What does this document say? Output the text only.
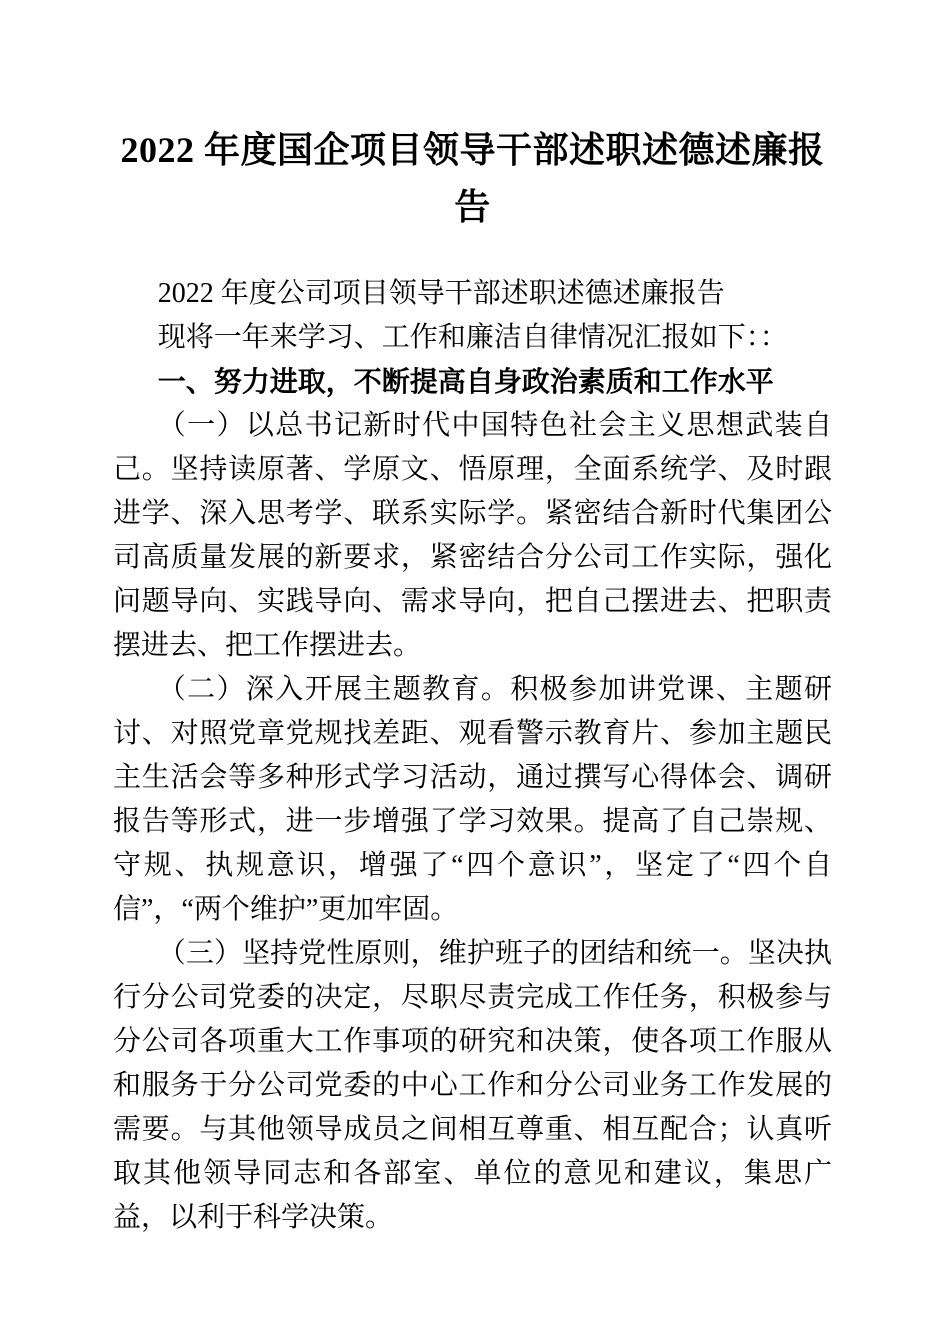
2022 年度国企项目领导干部述职述德述廉报告

2022 年度公司项目领导干部述职述德述廉报告

现将一年来学习、工作和廉洁自律情况汇报如下：：

一、努力进取，不断提高自身政治素质和工作水平

（一）以总书记新时代中国特色社会主义思想武装自己。坚持读原著、学原文、悟原理，全面系统学、及时跟进学、深入思考学、联系实际学。紧密结合新时代集团公司高质量发展的新要求，紧密结合分公司工作实际，强化问题导向、实践导向、需求导向，把自己摆进去、把职责摆进去、把工作摆进去。

（二）深入开展主题教育。积极参加讲党课、主题研讨、对照党章党规找差距、观看警示教育片、参加主题民主生活会等多种形式学习活动，通过撰写心得体会、调研报告等形式，进一步增强了学习效果。提高了自己崇规、守规、执规意识，增强了“四个意识”，坚定了“四个自信”，“两个维护”更加牢固。

（三）坚持党性原则，维护班子的团结和统一。坚决执行分公司党委的决定，尽职尽责完成工作任务，积极参与分公司各项重大工作事项的研究和决策，使各项工作服从和服务于分公司党委的中心工作和分公司业务工作发展的需要。与其他领导成员之间相互尊重、相互配合；认真听取其他领导同志和各部室、单位的意见和建议，集思广益，以利于科学决策。
